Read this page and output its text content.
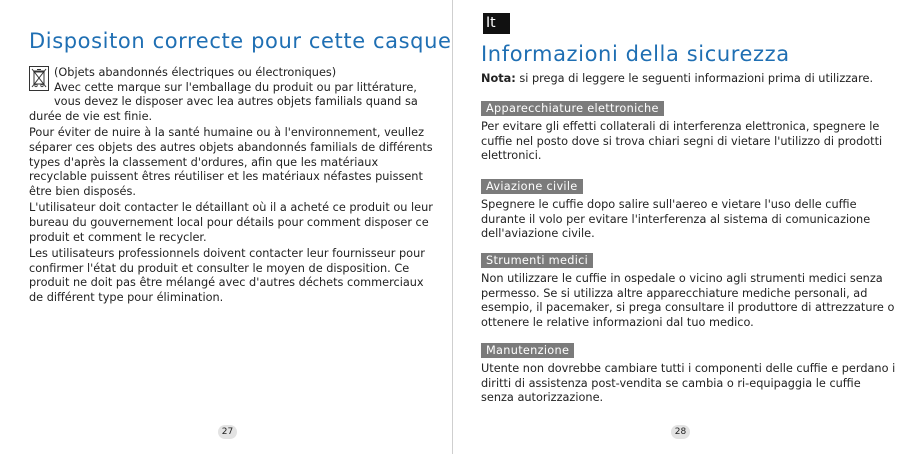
Dispositon correcte pour cette casque

(Objets abandonnés électriques ou électroniques)

Avec cette marque sur l'emballage du produit ou par littérature,

vous devez le disposer avec lea autres objets familials quand sa

durée de vie est finie.

Pour éviter de nuire à la santé humaine ou à l'environnement, veullez séparer ces objets des autres objets abandonnés familials de différents types d'après la classement d'ordures, afin que les matériaux recyclable puissent êtres réutiliser et les matériaux néfastes puissent être bien disposés.

L'utilisateur doit contacter le détaillant où il a acheté ce produit ou leur bureau du gouvernement local pour détails pour comment disposer ce produit et comment le recycler.

Les utilisateurs professionnels doivent contacter leur fournisseur pour confirmer l'état du produit et consulter le moyen de disposition. Ce produit ne doit pas être mélangé avec d'autres déchets commerciaux de différent type pour élimination.

27
It
Informazioni della sicurezza

Nota: si prega di leggere le seguenti informazioni prima di utilizzare.

Apparecchiature elettroniche

Per evitare gli effetti collaterali di interferenza elettronica, spegnere le cuffie nel posto dove si trova chiari segni di vietare l'utilizzo di prodotti elettronici.

Aviazione civile

Spegnere le cuffie dopo salire sull'aereo e vietare l'uso delle cuffie durante il volo per evitare l'interferenza al sistema di comunicazione dell'aviazione civile.

Strumenti medici

Non utilizzare le cuffie in ospedale o vicino agli strumenti medici senza permesso. Se si utilizza altre apparecchiature mediche personali, ad esempio, il pacemaker, si prega consultare il produttore di attrezzature o ottenere le relative informazioni dal tuo medico.

Manutenzione

Utente non dovrebbe cambiare tutti i componenti delle cuffie e perdano i diritti di assistenza post-vendita se cambia o ri-equipaggia le cuffie senza autorizzazione.

28
